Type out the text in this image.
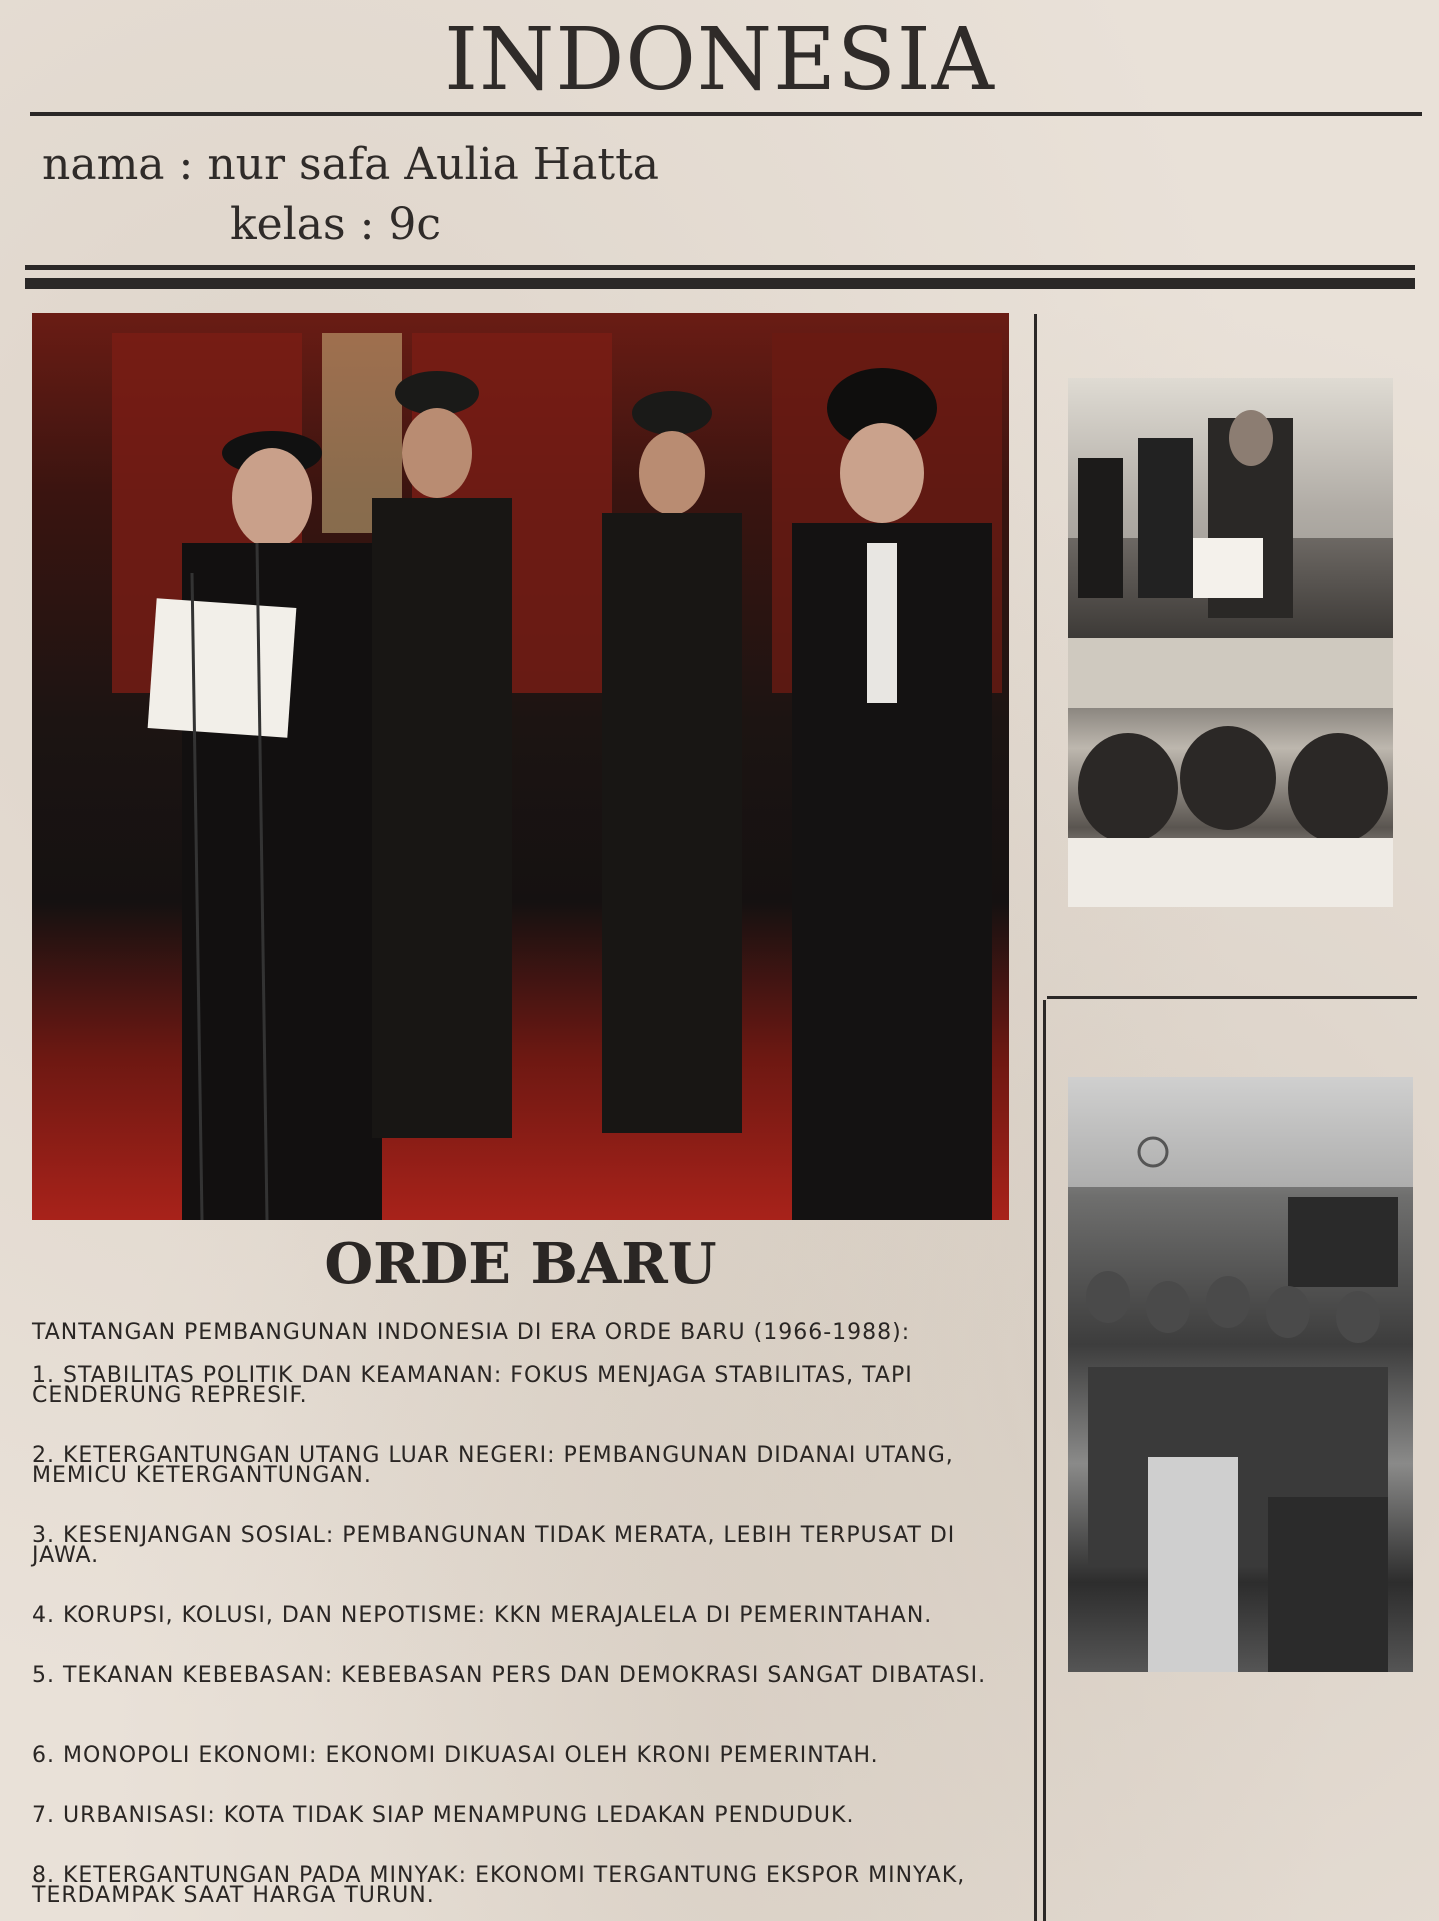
INDONESIA
nama : nur safa Aulia Hatta
kelas : 9c
ORDE BARU
TANTANGAN PEMBANGUNAN INDONESIA DI ERA ORDE BARU (1966-1988):
1. STABILITAS POLITIK DAN KEAMANAN: FOKUS MENJAGA STABILITAS, TAPI CENDERUNG REPRESIF.
2. KETERGANTUNGAN UTANG LUAR NEGERI: PEMBANGUNAN DIDANAI UTANG, MEMICU KETERGANTUNGAN.
3. KESENJANGAN SOSIAL: PEMBANGUNAN TIDAK MERATA, LEBIH TERPUSAT DI JAWA.
4. KORUPSI, KOLUSI, DAN NEPOTISME: KKN MERAJALELA DI PEMERINTAHAN.
5. TEKANAN KEBEBASAN: KEBEBASAN PERS DAN DEMOKRASI SANGAT DIBATASI.
6. MONOPOLI EKONOMI: EKONOMI DIKUASAI OLEH KRONI PEMERINTAH.
7. URBANISASI: KOTA TIDAK SIAP MENAMPUNG LEDAKAN PENDUDUK.
8. KETERGANTUNGAN PADA MINYAK: EKONOMI TERGANTUNG EKSPOR MINYAK, TERDAMPAK SAAT HARGA TURUN.
